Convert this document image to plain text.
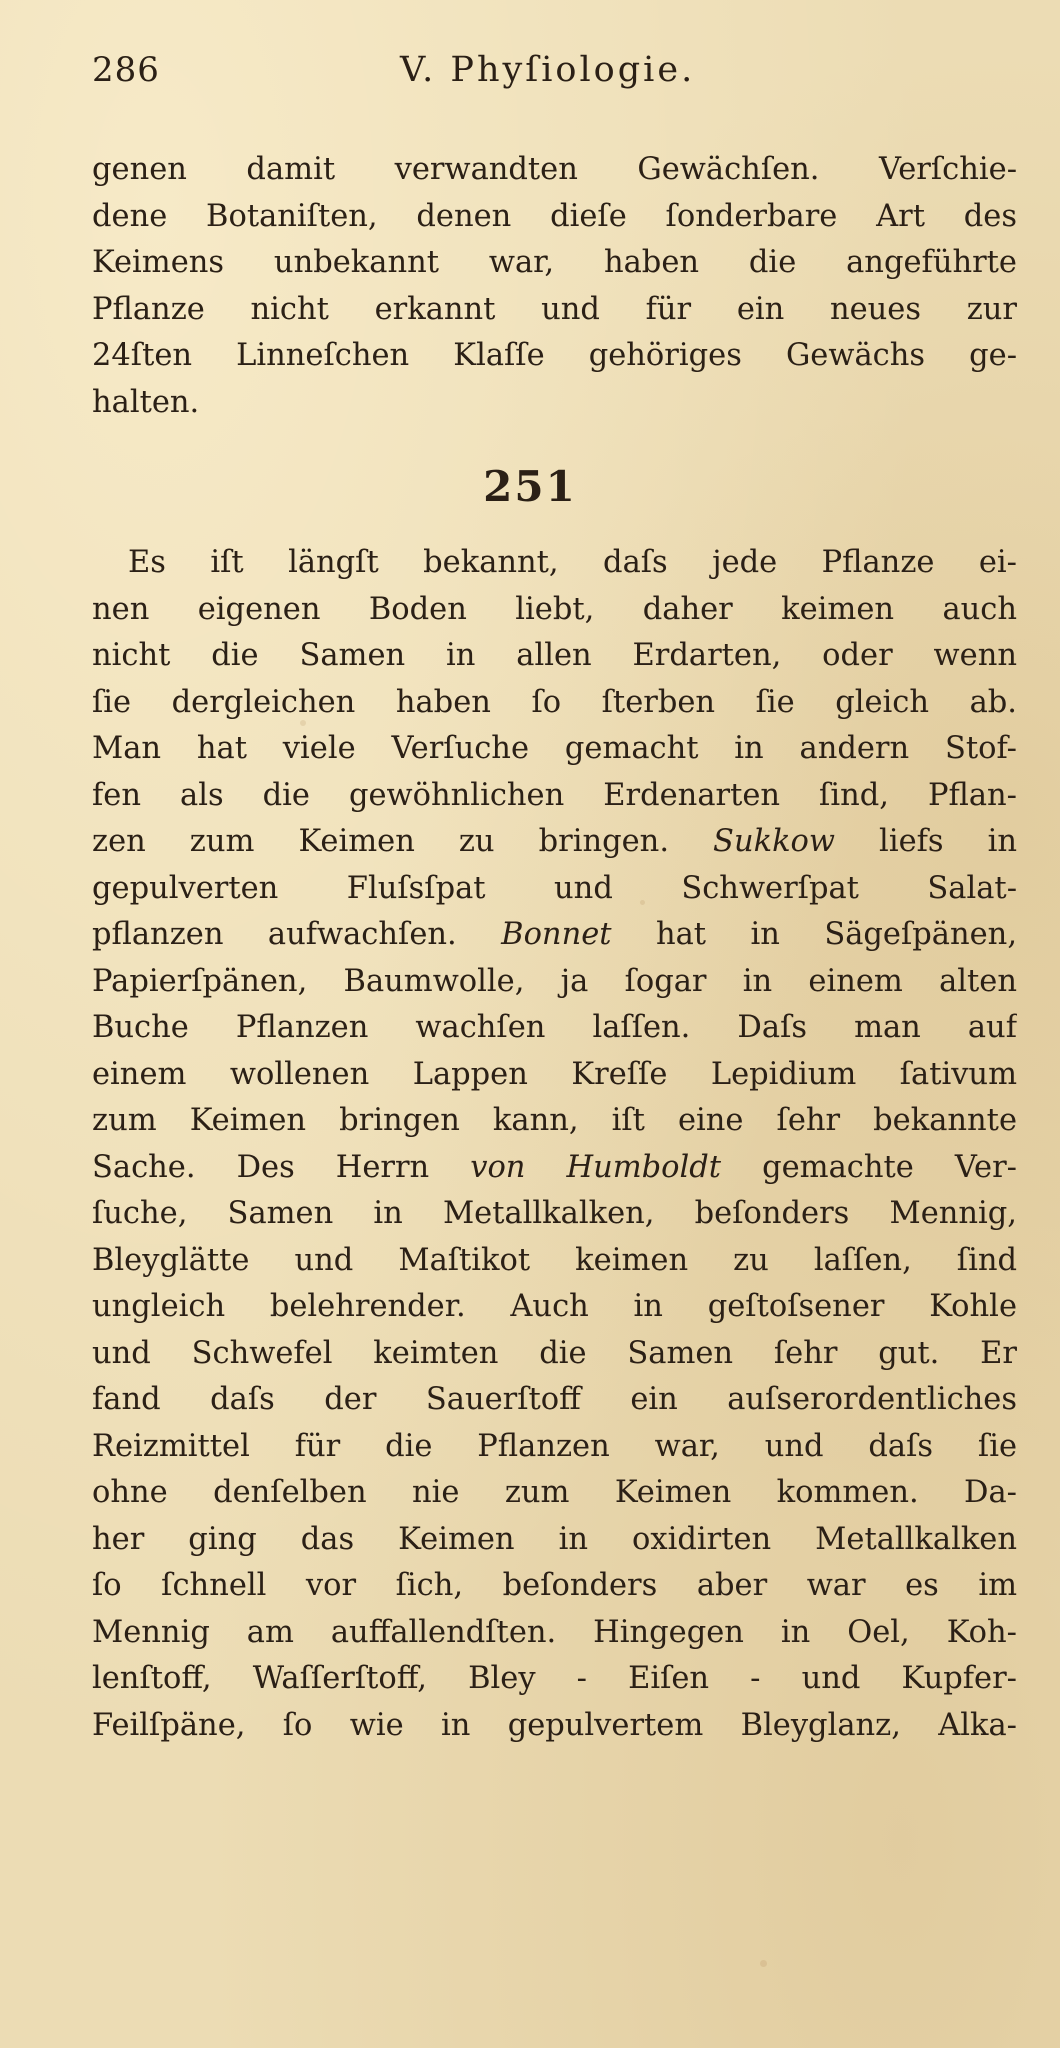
286	V. Phyſiologie.
genen damit verwandten Gewächſen. Verſchie-
dene Botaniſten, denen dieſe ſonderbare Art des
Keimens unbekannt war, haben die angeführte
Pflanze nicht erkannt und für ein neues zur
24ſten Linneſchen Klaſſe gehöriges Gewächs ge-
halten.
251
Es iſt längſt bekannt, daſs jede Pflanze ei-
nen eigenen Boden liebt, daher keimen auch
nicht die Samen in allen Erdarten, oder wenn
ſie dergleichen haben ſo ſterben ſie gleich ab.
Man hat viele Verſuche gemacht in andern Stof-
fen als die gewöhnlichen Erdenarten ſind, Pflan-
zen zum Keimen zu bringen. Sukkow liefs in
gepulverten Fluſsſpat und Schwerſpat Salat-
pflanzen aufwachſen. Bonnet hat in Sägeſpänen,
Papierſpänen, Baumwolle, ja ſogar in einem alten
Buche Pflanzen wachſen laſſen. Daſs man auf
einem wollenen Lappen Kreſſe Lepidium ſativum
zum Keimen bringen kann, iſt eine ſehr bekannte
Sache. Des Herrn von Humboldt gemachte Ver-
ſuche, Samen in Metallkalken, beſonders Mennig,
Bleyglätte und Maſtikot keimen zu laſſen, ſind
ungleich belehrender. Auch in geſtoſsener Kohle
und Schwefel keimten die Samen ſehr gut. Er
fand daſs der Sauerſtoff ein auſserordentliches
Reizmittel für die Pflanzen war, und daſs ſie
ohne denſelben nie zum Keimen kommen. Da-
her ging das Keimen in oxidirten Metallkalken
ſo ſchnell vor ſich, beſonders aber war es im
Mennig am auffallendſten. Hingegen in Oel, Koh-
lenſtoff, Waſſerſtoff, Bley - Eiſen - und Kupfer-
Feilſpäne, ſo wie in gepulvertem Bleyglanz, Alka-
